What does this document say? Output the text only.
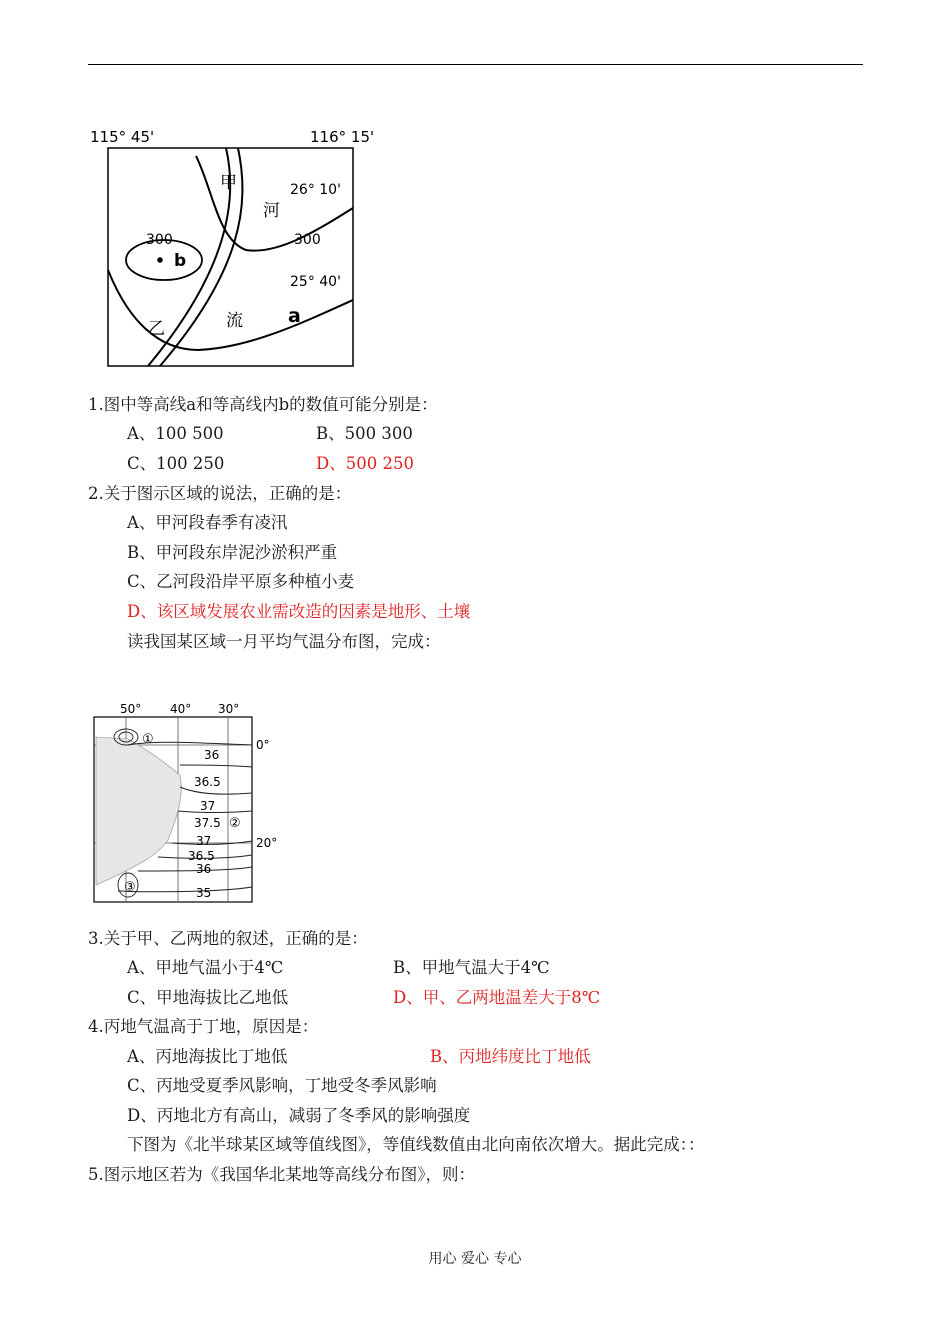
115° 45'	116° 15'
26° 10'
25° 40'
b
300	300
甲
河
乙	流 a
50° 40° 30°
0°
20°
36
36.5
37
37.5
37
36.5
36
35
①
②
③
1.图中等高线a和等高线内b的数值可能分别是：
A、100 500	B、500 300
C、100 250	D、500 250
2.关于图示区域的说法，正确的是：
A、甲河段春季有凌汛
B、甲河段东岸泥沙淤积严重
C、乙河段沿岸平原多种植小麦
D、该区域发展农业需改造的因素是地形、土壤
读我国某区域一月平均气温分布图，完成：
3.关于甲、乙两地的叙述，正确的是：
A、甲地气温小于4℃	B、甲地气温大于4℃
C、甲地海拔比乙地低	D、甲、乙两地温差大于8℃
4.丙地气温高于丁地，原因是：
A、丙地海拔比丁地低	B、丙地纬度比丁地低
C、丙地受夏季风影响，丁地受冬季风影响
D、丙地北方有高山，减弱了冬季风的影响强度
下图为《北半球某区域等值线图》，等值线数值由北向南依次增大。据此完成：：
5.图示地区若为《我国华北某地等高线分布图》，则：
用心 爱心 专心
